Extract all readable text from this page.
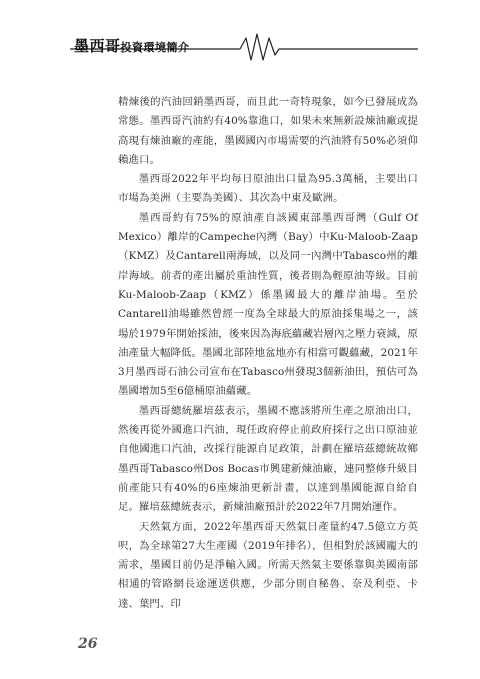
墨西哥投資環境簡介

精煉後的汽油回銷墨西哥，而且此一奇特現象，如今已發展成為常態。墨西哥汽油約有40%靠進口，如果未來無新設煉油廠或提高現有煉油廠的產能，墨國國內市場需要的汽油將有50%必須仰賴進口。

墨西哥2022年平均每日原油出口量為95.3萬桶，主要出口市場為美洲（主要為美國）、其次為中東及歐洲。

墨西哥約有75%的原油產自該國東部墨西哥灣（Gulf Of Mexico）離岸的Campeche內灣（Bay）中Ku-Maloob-Zaap（KMZ）及Cantarell兩海域，以及同一內灣中Tabasco州的離岸海域。前者的產出屬於重油性質，後者則為輕原油等級。目前Ku-Maloob-Zaap（KMZ）係墨國最大的離岸油場。至於Cantarell油場雖然曾經一度為全球最大的原油採集場之一，該場於1979年開始採油，後來因為海底蘊藏岩層內之壓力衰減，原油產量大幅降低。墨國北部陸地盆地亦有相當可觀蘊藏，2021年3月墨西哥石油公司宣布在Tabasco州發現3個新油田，預估可為墨國增加5至6億桶原油蘊藏。

墨西哥總統羅培茲表示，墨國不應該將所生產之原油出口，然後再從外國進口汽油，現任政府停止前政府採行之出口原油並自他國進口汽油，改採行能源自足政策，計劃在羅培茲總統故鄉墨西哥Tabasco州Dos Bocas市興建新煉油廠，連同整修升級目前產能只有40%的6座煉油更新計畫，以達到墨國能源自給自足。羅培茲總統表示，新煉油廠預計於2022年7月開始運作。

天然氣方面，2022年墨西哥天然氣日產量約47.5億立方英呎，為全球第27大生產國（2019年排名），但相對於該國龐大的需求，墨國目前仍是淨輸入國。所需天然氣主要係靠與美國南部相通的管路網長途運送供應，少部分則自秘魯、奈及利亞、卡達、葉門、印

26
